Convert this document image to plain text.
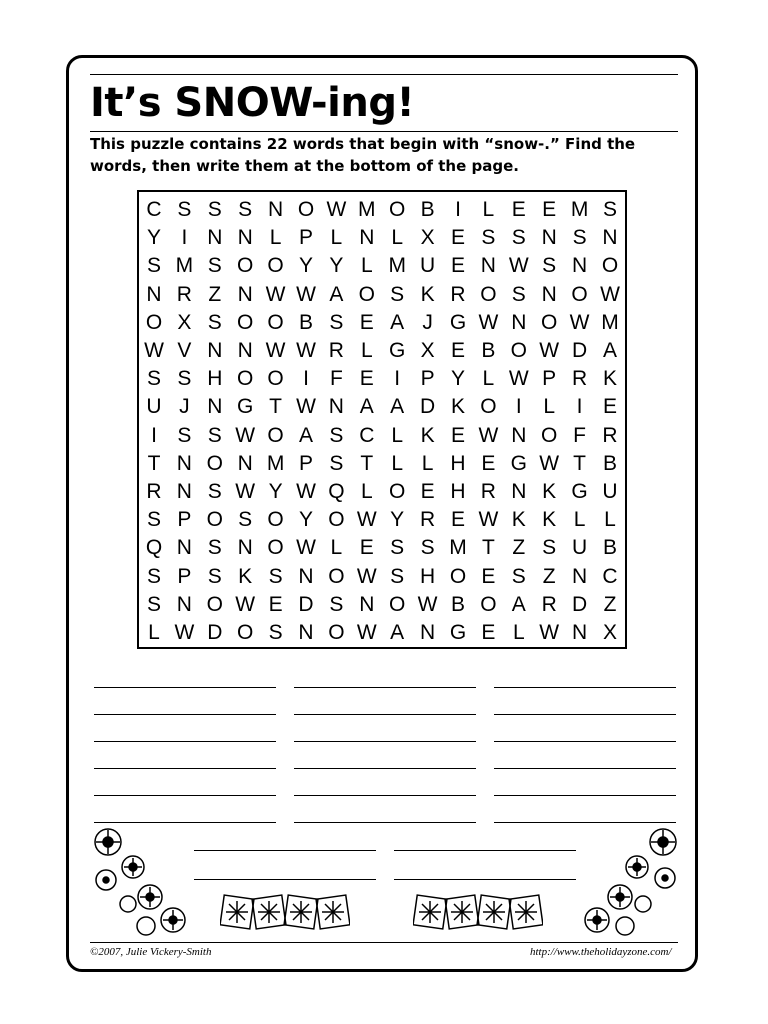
It’s SNOW-ing!

This puzzle contains 22 words that begin with “snow-.” Find the words, then write them at the bottom of the page.

C S S S N O W M O B I	L E E M S
Y I N N L P L N L X E S S N S N
S M S O O Y Y L M U E N W S N O
N R Z N W W A O S K R O S N O W
O X S O O B S E A J G W N O W M
W V N N W W R L G X E B O W D A
S S H O O I	F E I P Y L W P R K
U J N G T W N A A D K O I	L	I E
I S S W O A S C L K E W N O F R
T N O N M P S T L L H E G W T B
R N S W Y W Q L O E H R N K G U
S P O S O Y O W Y R E W K K L L
Q N S N O W L E S S M T Z S U B
S P S K S N O W S H O E S Z N C
S N O W E D S N O W B O A R D Z
L W D O S N O W A N G E L W N X
©2007, Julie Vickery-Smith	http://www.theholidayzone.com/
